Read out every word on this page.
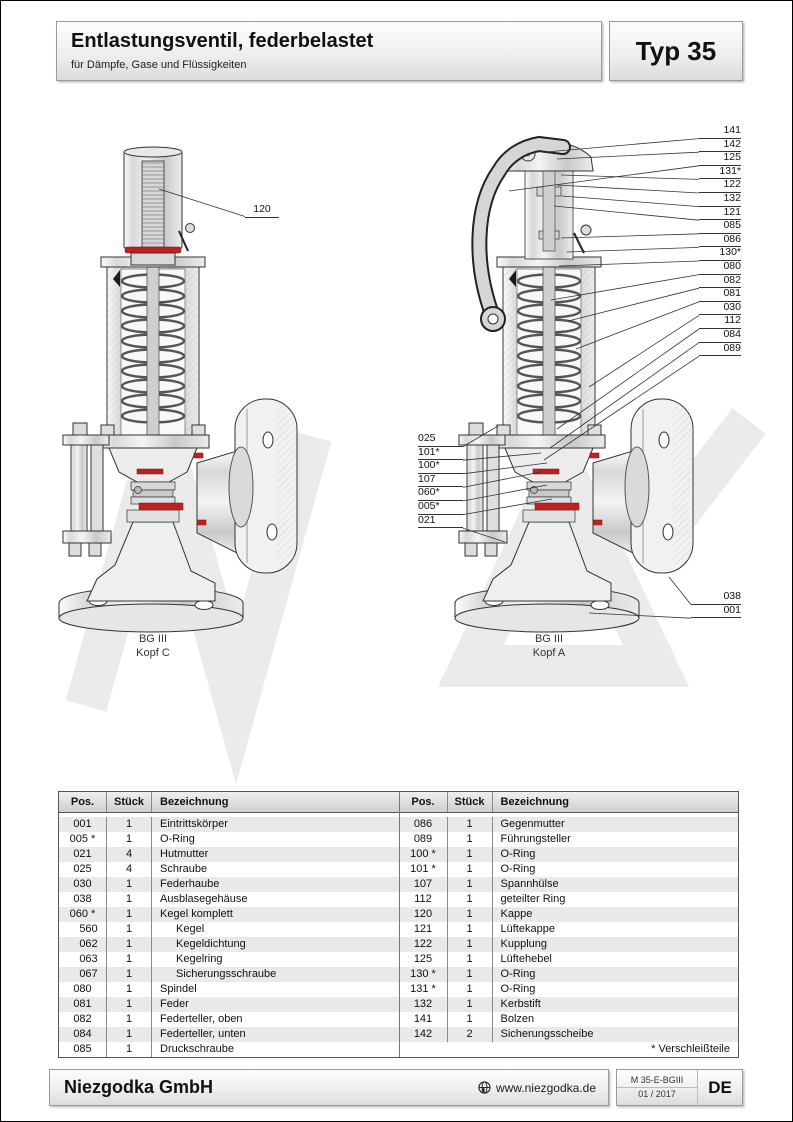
Entlastungsventil, federbelastet
für Dämpfe, Gase und Flüssigkeiten	Typ 35
120
141
142
125
131*
122
132
121
085
086
130*
080
082
081
030
112
084
089
025
101*
100*
107
060*
005*
021
038
001
BG III
Kopf C
BG III
Kopf A
Pos.	Stück	Bezeichnung
001	1	Eintrittskörper
005 *	1	O-Ring
021	4	Hutmutter
025	4	Schraube
030	1	Federhaube
038	1	Ausblasegehäuse
060 *	1	Kegel komplett
560	1	Kegel
062	1	Kegeldichtung
063	1	Kegelring
067	1	Sicherungsschraube
080	1	Spindel
081	1	Feder
082	1	Federteller, oben
084	1	Federteller, unten
085	1	Druckschraube
Pos.	Stück	Bezeichnung
086	1	Gegenmutter
089	1	Führungsteller
100 *	1	O-Ring
101 *	1	O-Ring
107	1	Spannhülse
112	1	geteilter Ring
120	1	Kappe
121	1	Lüftekappe
122	1	Kupplung
125	1	Lüftehebel
130 *	1	O-Ring
131 *	1	O-Ring
132	1	Kerbstift
141	1	Bolzen
142	2	Sicherungsscheibe
* Verschleißteile
Niezgodka GmbH	www.niezgodka.de
M 35-E-BGIII
01 / 2017	DE
